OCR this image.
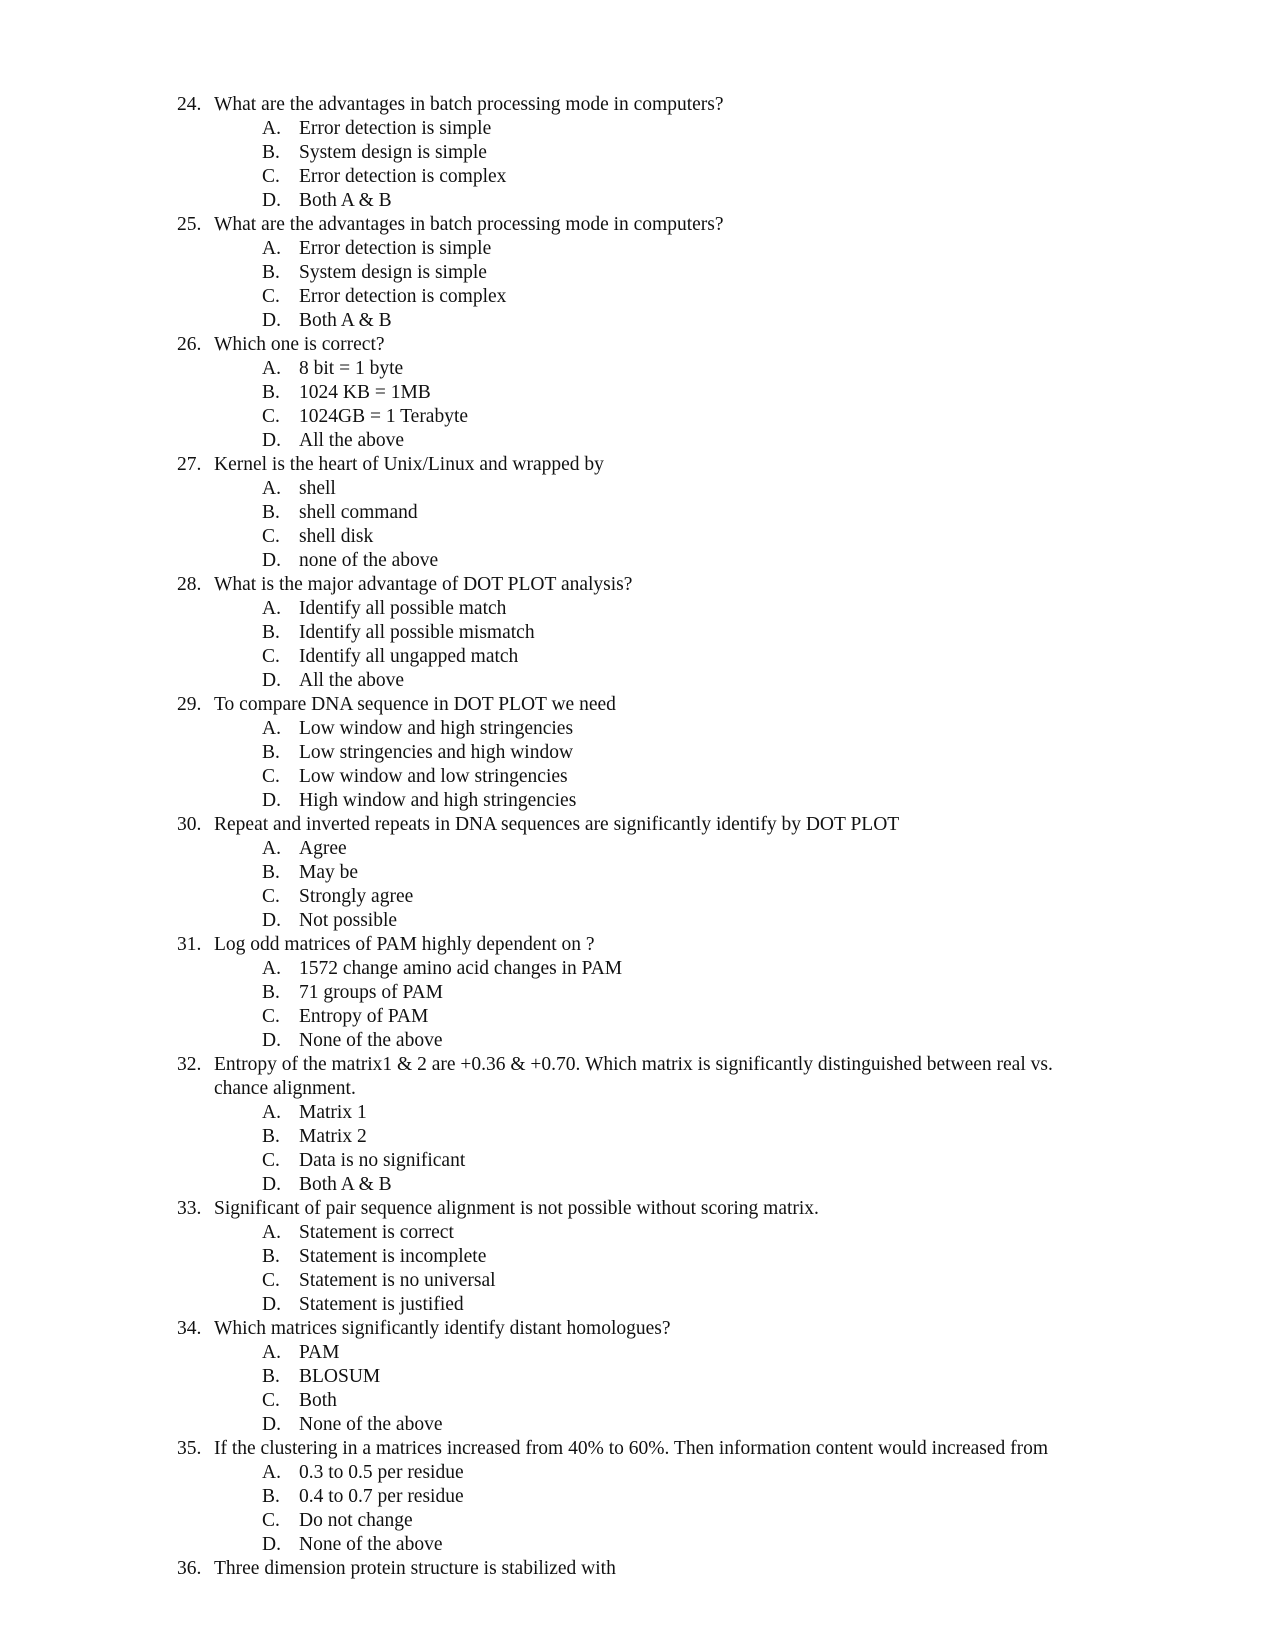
24. What are the advantages in batch processing mode in computers?
A. Error detection is simple
B. System design is simple
C. Error detection is complex
D. Both A & B
25. What are the advantages in batch processing mode in computers?
A. Error detection is simple
B. System design is simple
C. Error detection is complex
D. Both A & B
26. Which one is correct?
A. 8 bit = 1 byte
B. 1024 KB = 1MB
C. 1024GB = 1 Terabyte
D. All the above
27. Kernel is the heart of Unix/Linux and wrapped by
A. shell
B. shell command
C. shell disk
D. none of the above
28. What is the major advantage of DOT PLOT analysis?
A. Identify all possible match
B. Identify all possible mismatch
C. Identify all ungapped match
D. All the above
29. To compare DNA sequence in DOT PLOT we need
A. Low window and high stringencies
B. Low stringencies and high window
C. Low window and low stringencies
D. High window and high stringencies
30. Repeat and inverted repeats in DNA sequences are significantly identify by DOT PLOT
A. Agree
B. May be
C. Strongly agree
D. Not possible
31. Log odd matrices of PAM highly dependent on ?
A. 1572 change amino acid changes in PAM
B. 71 groups of PAM
C. Entropy of PAM
D. None of the above
32. Entropy of the matrix1 & 2 are +0.36 & +0.70. Which matrix is significantly distinguished between real vs.
chance alignment.
A. Matrix 1
B. Matrix 2
C. Data is no significant
D. Both A & B
33. Significant of pair sequence alignment is not possible without scoring matrix.
A. Statement is correct
B. Statement is incomplete
C. Statement is no universal
D. Statement is justified
34. Which matrices significantly identify distant homologues?
A. PAM
B. BLOSUM
C. Both
D. None of the above
35. If the clustering in a matrices increased from 40% to 60%. Then information content would increased from
A. 0.3 to 0.5 per residue
B. 0.4 to 0.7 per residue
C. Do not change
D. None of the above
36. Three dimension protein structure is stabilized with
